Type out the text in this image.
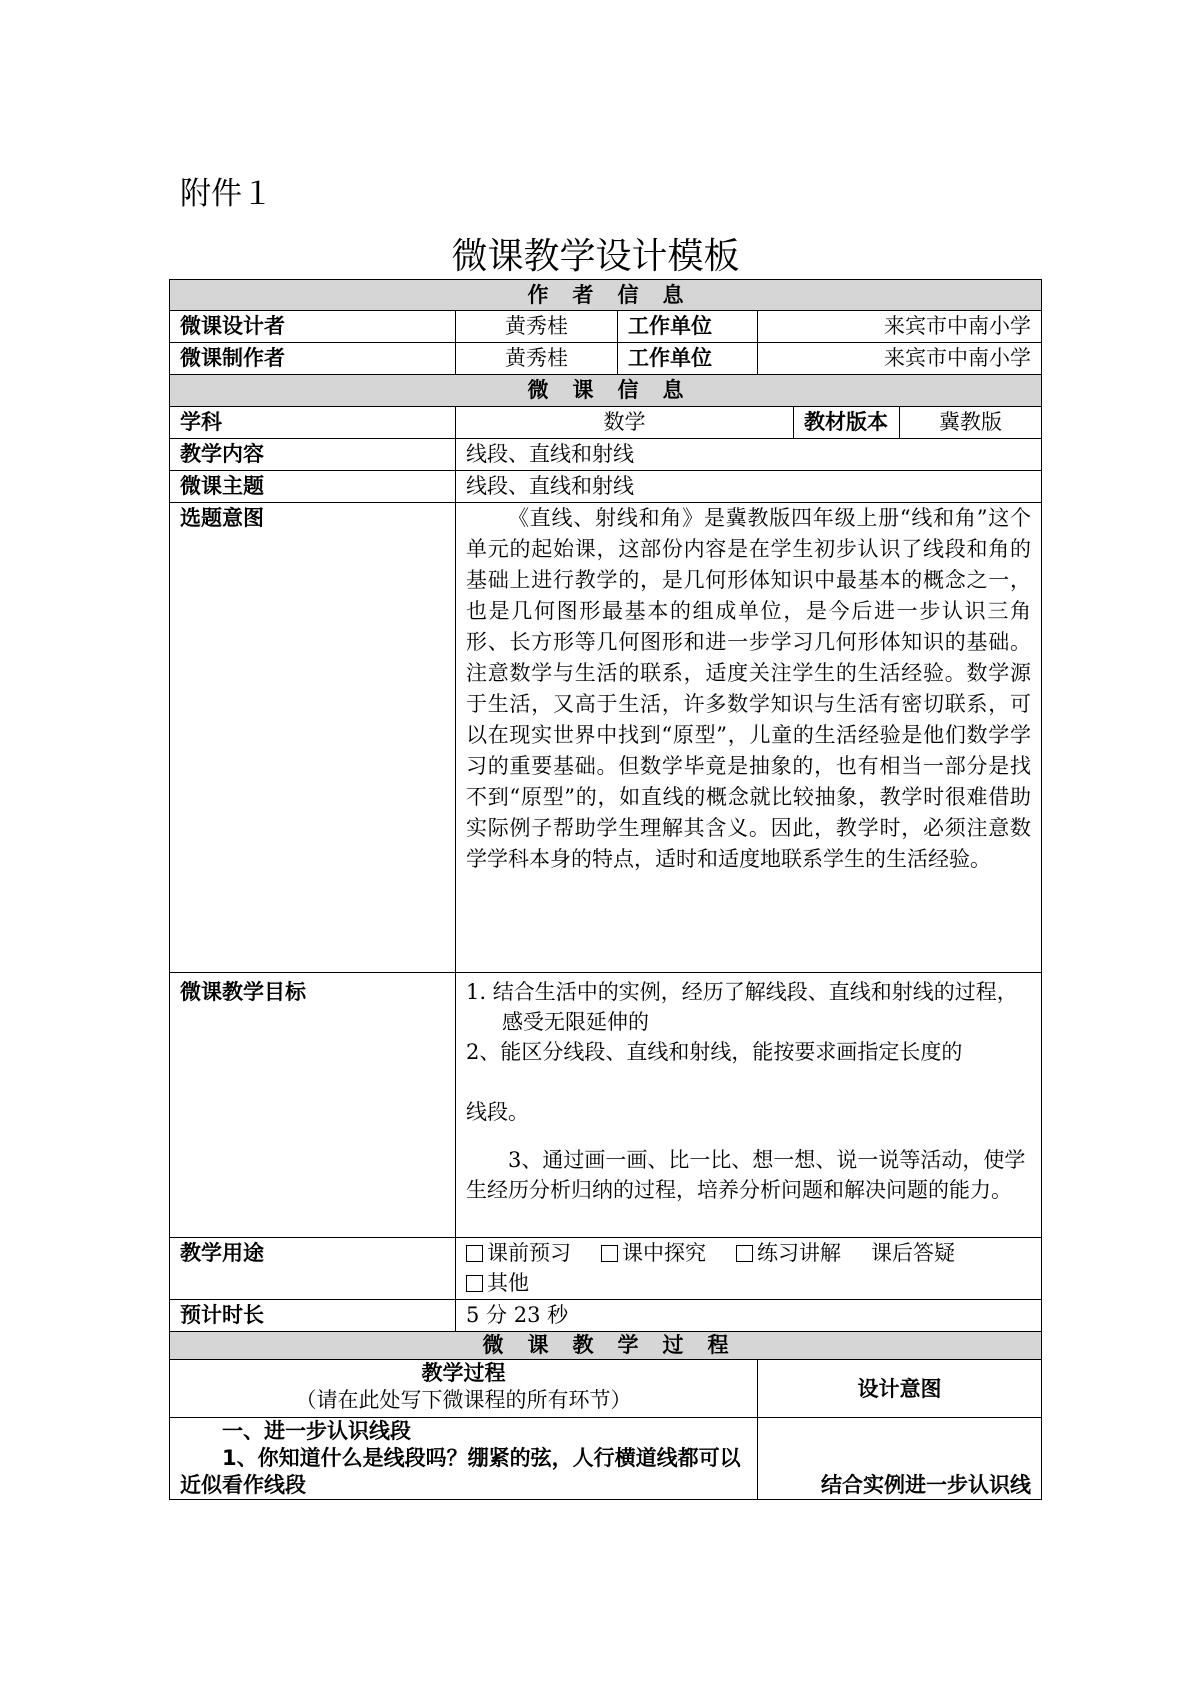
附件１
微课教学设计模板
作者信息					
微课设计者	黄秀桂	工作单位	来宾市中南小学		
微课制作者	黄秀桂	工作单位	来宾市中南小学		
微课信息					
学科	数学			教材版本	冀教版
教学内容	线段、直线和射线				
微课主题	线段、直线和射线				
选题意图	《直线、射线和角》是冀教版四年级上册“线和角”这个单元的起始课，这部份内容是在学生初步认识了线段和角的基础上进行教学的，是几何形体知识中最基本的概念之一，也是几何图形最基本的组成单位，是今后进一步认识三角形、长方形等几何图形和进一步学习几何形体知识的基础。注意数学与生活的联系，适度关注学生的生活经验。数学源于生活，又高于生活，许多数学知识与生活有密切联系，可以在现实世界中找到“原型”，儿童的生活经验是他们数学学习的重要基础。但数学毕竟是抽象的，也有相当一部分是找不到“原型”的，如直线的概念就比较抽象，教学时很难借助实际例子帮助学生理解其含义。因此，教学时，必须注意数学学科本身的特点，适时和适度地联系学生的生活经验。				

微课教学目标	1. 结合生活中的实例，经历了解线段、直线和射线的过程，感受无限延伸的
2、能区分线段、直线和射线，能按要求画指定长度的
线段。
3、通过画一画、比一比、想一想、说一说等活动，使学生经历分析归纳的过程，培养分析问题和解决问题的能力。				

教学用途	课前预习 课中探究 练习讲解 课后答疑
其他				
预计时长	5 分 23 秒				
微课教学过程					

教学过程
（请在此处写下微课程的所有环节）			设计意图		

一、进一步认识线段
1、你知道什么是线段吗？绷紧的弦，人行横道线都可以近似看作线段			结合实例进一步认识线		
